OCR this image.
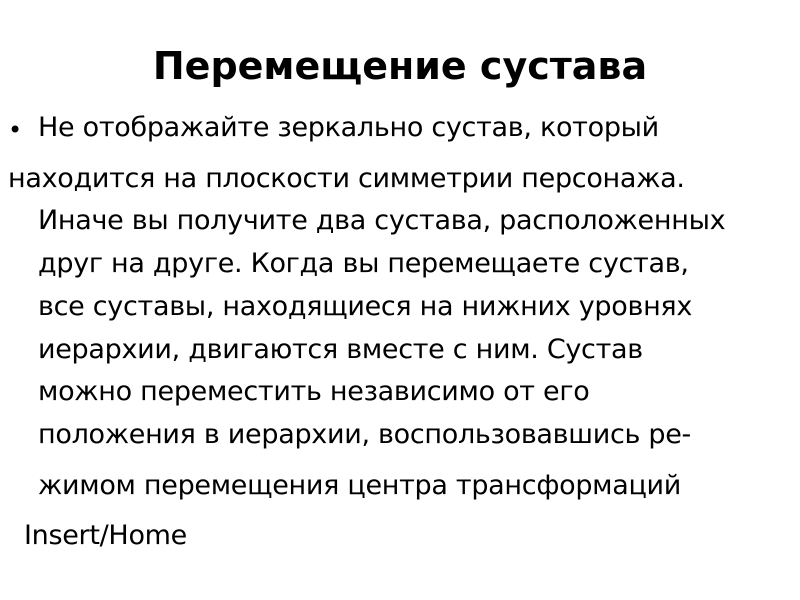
Перемещение сустава
• Не отображайте зеркально сустав, который
находится на плоскости симметрии персонажа.
Иначе вы получите два сустава, расположенных
друг на друге. Когда вы перемещаете сустав,
все суставы, находящиеся на нижних уровнях
иерархии, двигаются вместе с ним. Сустав
можно переместить независимо от его
положения в иерархии, воспользовавшись ре-
жимом перемещения центра трансформаций
Insert/Home
